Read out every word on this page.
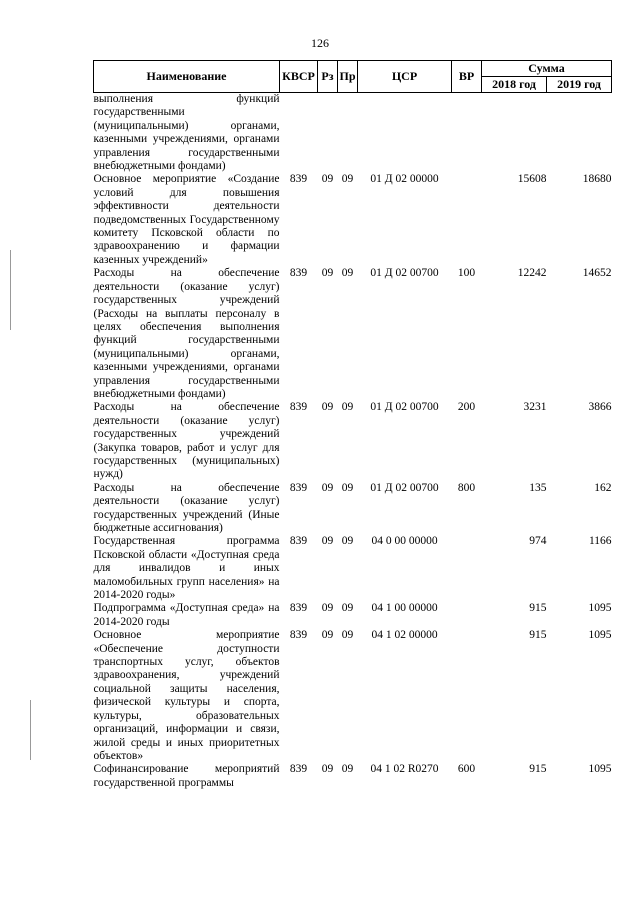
126
Наименование	КВСР	Рз	Пр	ЦСР	ВР	Сумма	
						2018 год	2019 год
выполнения функций государственными (муниципальными) органами, казенными учреждениями, органами управления государственными внебюджетными фондами)							
Основное мероприятие «Создание условий для повышения эффективности деятельности подведомственных Государственному комитету Псковской области по здравоохранению и фармации казенных учреждений»	839	09	09	01 Д 02 00000		15608	18680
Расходы на обеспечение деятельности (оказание услуг) государственных учреждений (Расходы на выплаты персоналу в целях обеспечения выполнения функций государственными (муниципальными) органами, казенными учреждениями, органами управления государственными внебюджетными фондами)	839	09	09	01 Д 02 00700	100	12242	14652
Расходы на обеспечение деятельности (оказание услуг) государственных учреждений (Закупка товаров, работ и услуг для государственных (муниципальных) нужд)	839	09	09	01 Д 02 00700	200	3231	3866
Расходы на обеспечение деятельности (оказание услуг) государственных учреждений (Иные бюджетные ассигнования)	839	09	09	01 Д 02 00700	800	135	162
Государственная программа Псковской области «Доступная среда для инвалидов и иных маломобильных групп населения» на 2014-2020 годы»	839	09	09	04 0 00 00000		974	1166
Подпрограмма «Доступная среда» на 2014-2020 годы	839	09	09	04 1 00 00000		915	1095
Основное мероприятие «Обеспечение доступности транспортных услуг, объектов здравоохранения, учреждений социальной защиты населения, физической культуры и спорта, культуры, образовательных организаций, информации и связи, жилой среды и иных приоритетных объектов»	839	09	09	04 1 02 00000		915	1095
Софинансирование мероприятий государственной программы	839	09	09	04 1 02 R0270	600	915	1095
